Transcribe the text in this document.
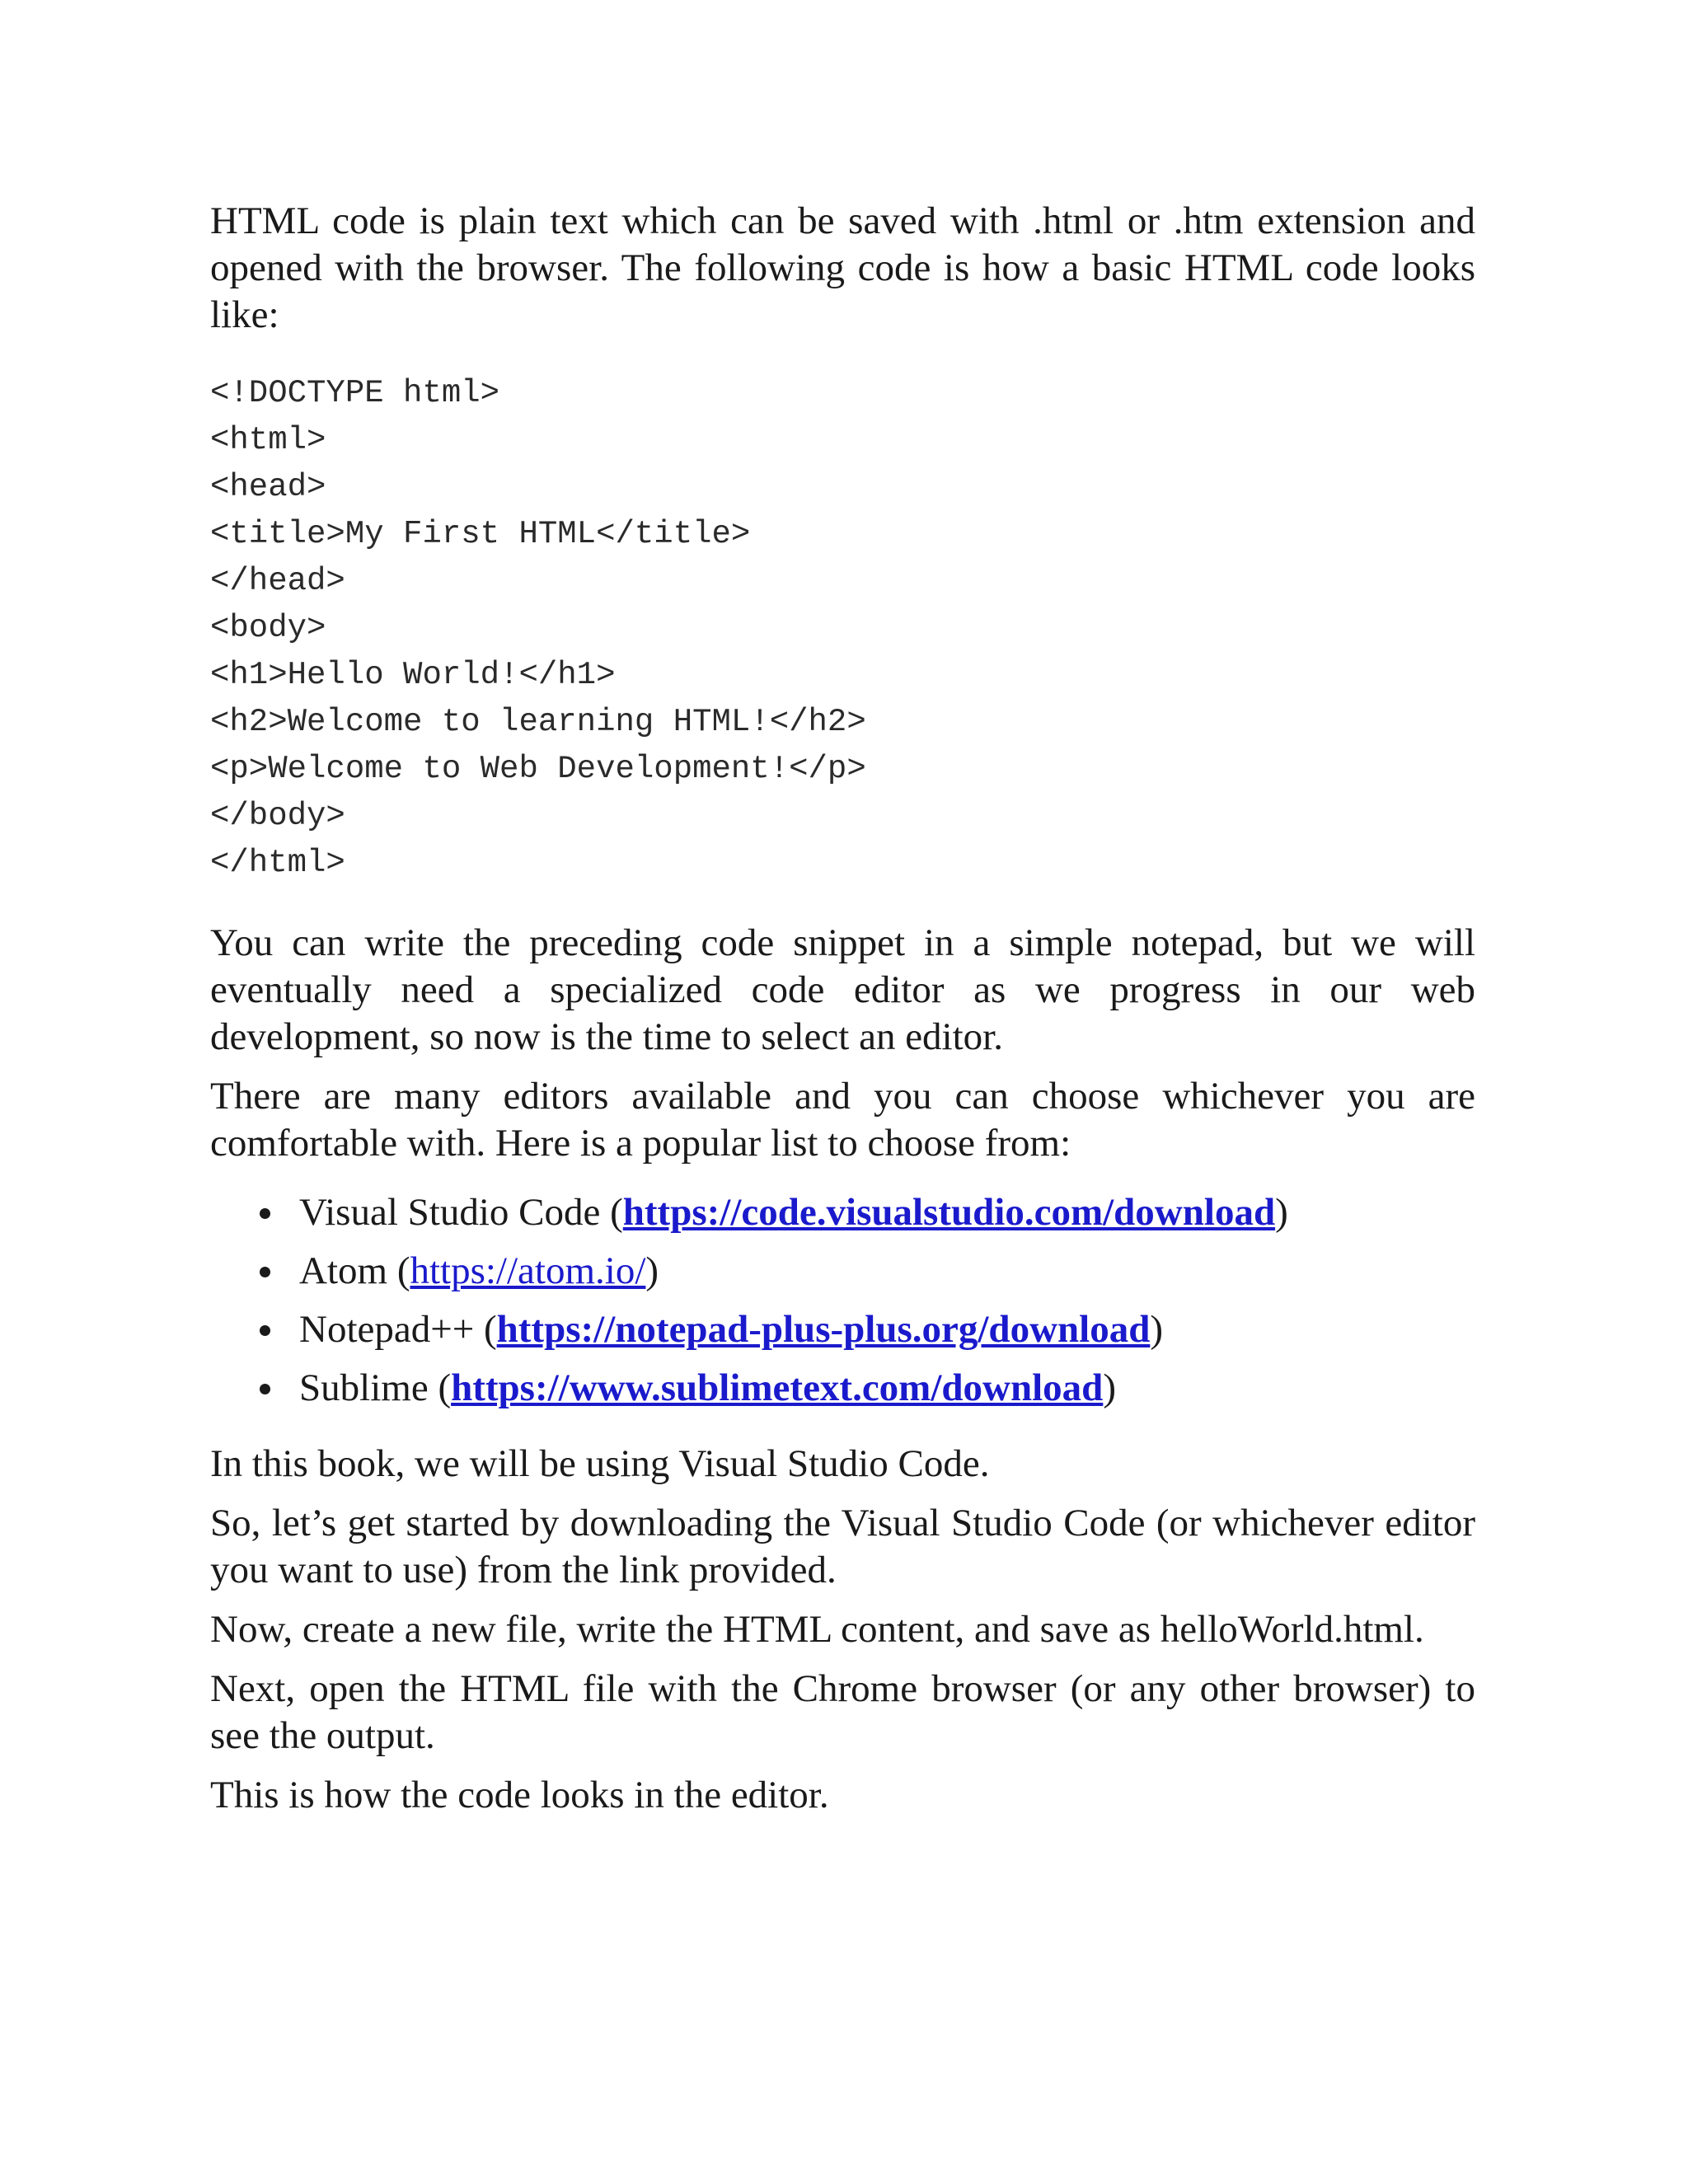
HTML code is plain text which can be saved with .html or .htm extension and opened with the browser. The following code is how a basic HTML code looks like:

<!DOCTYPE html>
<html>
<head>
<title>My First HTML</title>
</head>
<body>
<h1>Hello World!</h1>
<h2>Welcome to learning HTML!</h2>
<p>Welcome to Web Development!</p>
</body>
</html>

You can write the preceding code snippet in a simple notepad, but we will eventually need a specialized code editor as we progress in our web development, so now is the time to select an editor.

There are many editors available and you can choose whichever you are comfortable with. Here is a popular list to choose from:

Visual Studio Code (https://code.visualstudio.com/download)
Atom (https://atom.io/)
Notepad++ (https://notepad-plus-plus.org/download)
Sublime (https://www.sublimetext.com/download)

In this book, we will be using Visual Studio Code.

So, let’s get started by downloading the Visual Studio Code (or whichever editor you want to use) from the link provided.

Now, create a new file, write the HTML content, and save as helloWorld.html.

Next, open the HTML file with the Chrome browser (or any other browser) to see the output.

This is how the code looks in the editor.
